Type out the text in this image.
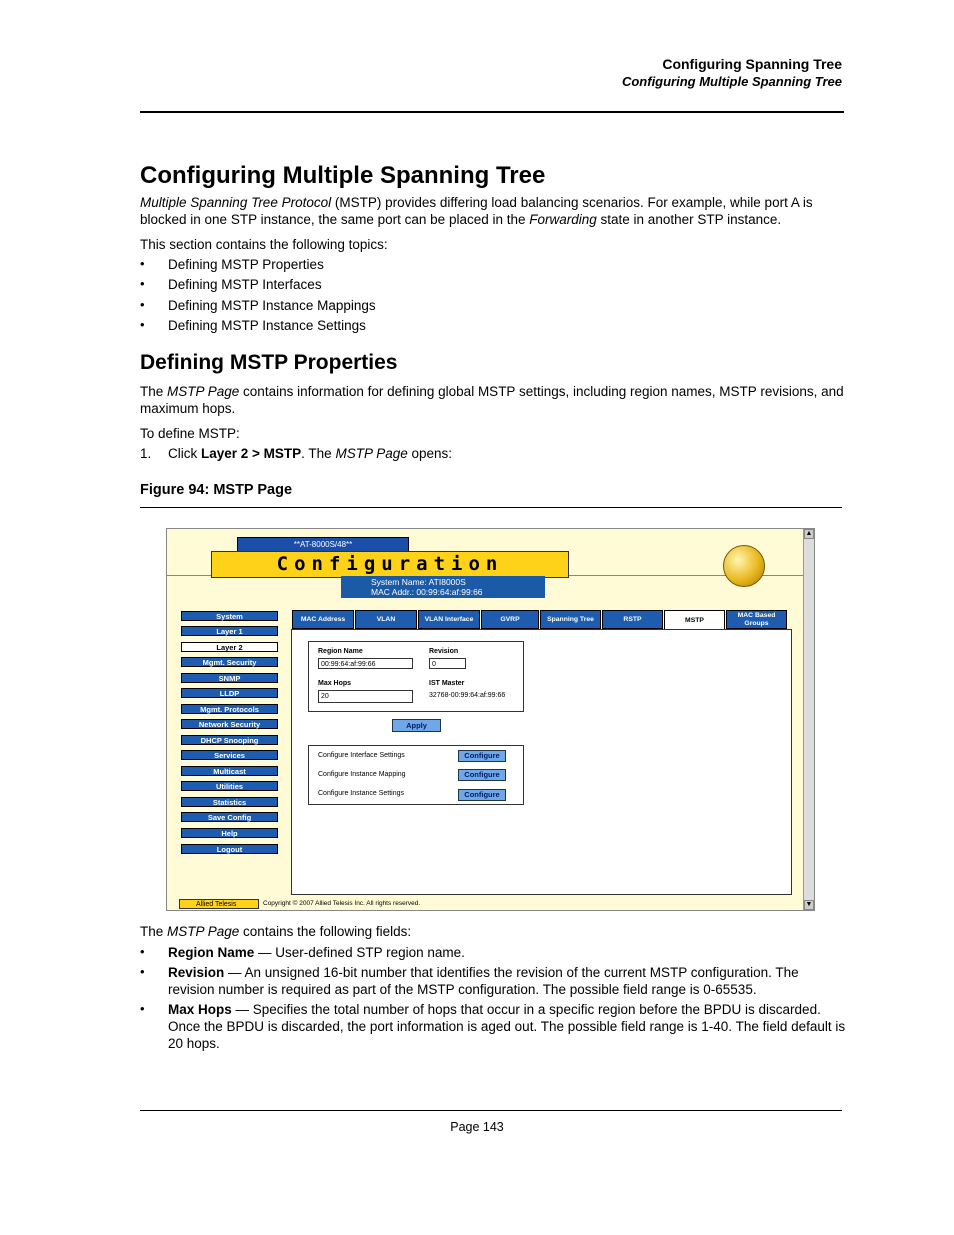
Configuring Spanning Tree
Configuring Multiple Spanning Tree
Configuring Multiple Spanning Tree
Multiple Spanning Tree Protocol (MSTP) provides differing load balancing scenarios. For example, while port A is blocked in one STP instance, the same port can be placed in the Forwarding state in another STP instance.
This section contains the following topics:
• Defining MSTP Properties
• Defining MSTP Interfaces
• Defining MSTP Instance Mappings
• Defining MSTP Instance Settings
Defining MSTP Properties
The MSTP Page contains information for defining global MSTP settings, including region names, MSTP revisions, and maximum hops.
To define MSTP:
1.	Click Layer 2 > MSTP. The MSTP Page opens:
Figure 94: MSTP Page
**AT-8000S/48**
Configuration
System Name: ATI8000S
MAC Addr.: 00:99:64:af:99:66
System
Layer 1
Layer 2
Mgmt. Security
SNMP
LLDP
Mgmt. Protocols
Network Security
DHCP Snooping
Services
Multicast
Utilities
Statistics
Save Config
Help
Logout
MAC Address	VLAN	VLAN Interface	GVRP	Spanning Tree	RSTP	MSTP
MAC Based Groups
Region Name
00:99:64:af:99:66
Revision
0
Max Hops
20
IST Master
32768-00:99:64:af:99:66
Apply
Configure Interface Settings	Configure
Configure Instance Mapping	Configure
Configure Instance Settings	Configure
Allied Telesis	Copyright © 2007 Allied Telesis Inc. All rights reserved.
▲
▼
The MSTP Page contains the following fields:
• Region Name — User-defined STP region name.
• Revision — An unsigned 16-bit number that identifies the revision of the current MSTP configuration. The revision number is required as part of the MSTP configuration. The possible field range is 0-65535.
• Max Hops — Specifies the total number of hops that occur in a specific region before the BPDU is discarded. Once the BPDU is discarded, the port information is aged out. The possible field range is 1-40. The field default is 20 hops.
Page 143
